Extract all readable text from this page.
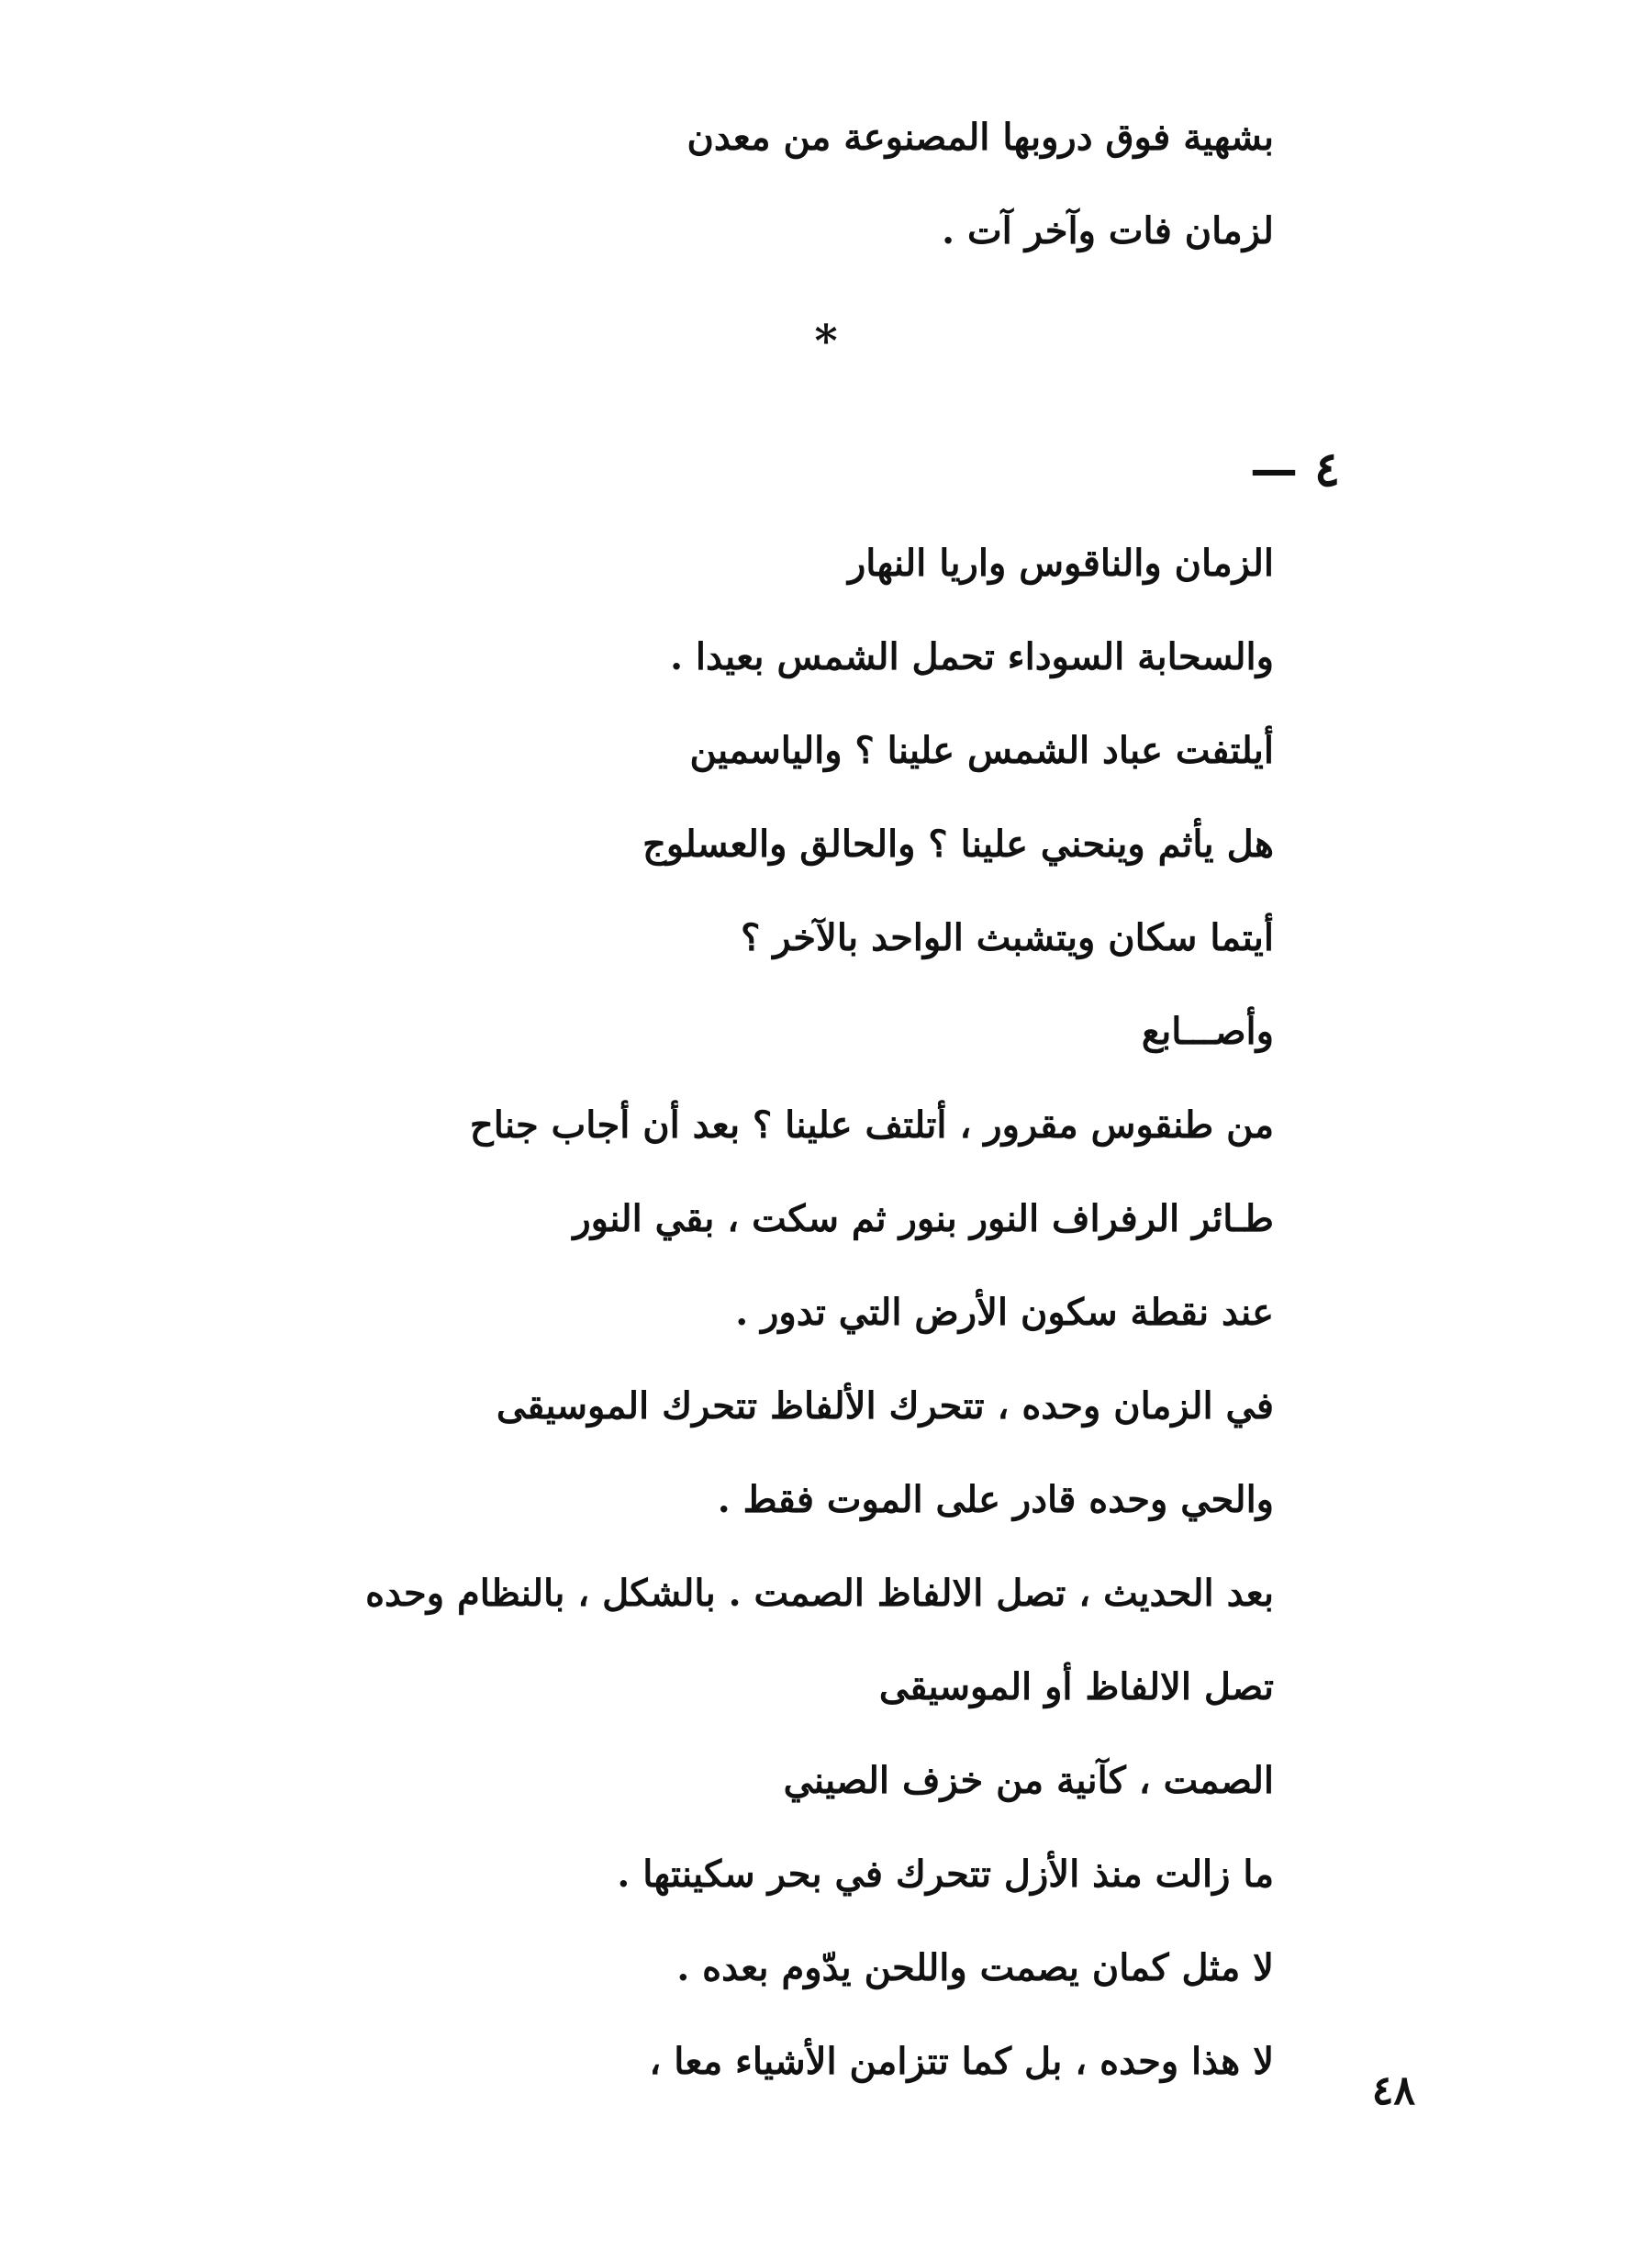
بشهية فوق دروبها المصنوعة من معدن
لزمان فات وآخر آت .
*
٤ —
الزمان والناقوس واريا النهار
والسحابة السوداء تحمل الشمس بعيدا .
أيلتفت عباد الشمس علينا ؟ والياسمين
هل يأثم وينحني علينا ؟ والحالق والعسلوج
أيتما سكان ويتشبث الواحد بالآخر ؟
وأصـــابع
من طنقوس مقرور ، أتلتف علينا ؟ بعد أن أجاب جناح
طـائر الرفراف النور بنور ثم سكت ، بقي النور
عند نقطة سكون الأرض التي تدور .
في الزمان وحده ، تتحرك الألفاظ تتحرك الموسيقى
والحي وحده قادر على الموت فقط .
بعد الحديث ، تصل الالفاظ الصمت . بالشكل ، بالنظام وحده
تصل الالفاظ أو الموسيقى
الصمت ، كآنية من خزف الصيني
ما زالت منذ الأزل تتحرك في بحر سكينتها .
لا مثل كمان يصمت واللحن يدّوم بعده .
لا هذا وحده ، بل كما تتزامن الأشياء معا ،
٤٨
